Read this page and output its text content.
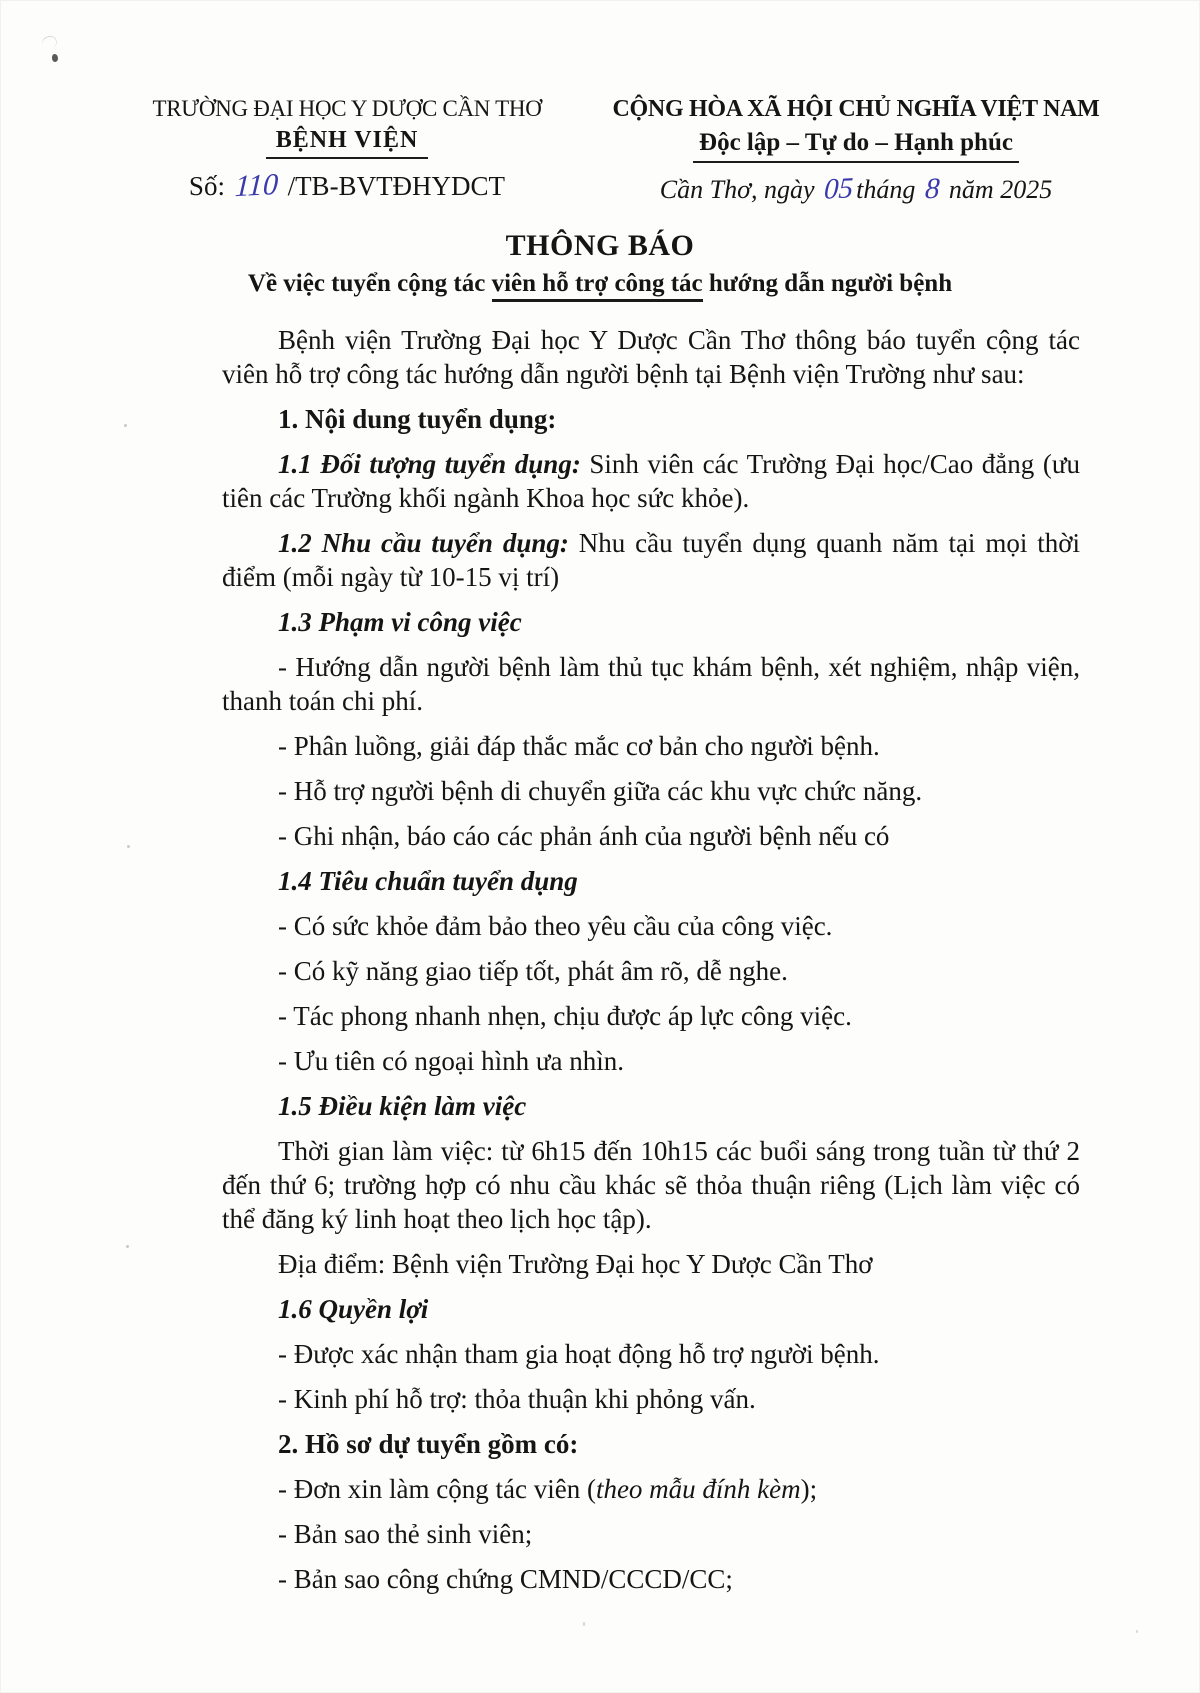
TRƯỜNG ĐẠI HỌC Y DƯỢC CẦN THƠ
BỆNH VIỆN
Số: 110 /TB-BVTĐHYDCT
CỘNG HÒA XÃ HỘI CHỦ NGHĨA VIỆT NAM
Độc lập – Tự do – Hạnh phúc
Cần Thơ, ngày 05tháng 8 năm 2025
THÔNG BÁO
Về việc tuyển cộng tác viên hỗ trợ công tác hướng dẫn người bệnh

Bệnh viện Trường Đại học Y Dược Cần Thơ thông báo tuyển cộng tác viên hỗ trợ công tác hướng dẫn người bệnh tại Bệnh viện Trường như sau:

1. Nội dung tuyển dụng:

1.1 Đối tượng tuyển dụng: Sinh viên các Trường Đại học/Cao đẳng (ưu tiên các Trường khối ngành Khoa học sức khỏe).

1.2 Nhu cầu tuyển dụng: Nhu cầu tuyển dụng quanh năm tại mọi thời điểm (mỗi ngày từ 10-15 vị trí)

1.3 Phạm vi công việc

- Hướng dẫn người bệnh làm thủ tục khám bệnh, xét nghiệm, nhập viện, thanh toán chi phí.

- Phân luồng, giải đáp thắc mắc cơ bản cho người bệnh.

- Hỗ trợ người bệnh di chuyển giữa các khu vực chức năng.

- Ghi nhận, báo cáo các phản ánh của người bệnh nếu có

1.4 Tiêu chuẩn tuyển dụng

- Có sức khỏe đảm bảo theo yêu cầu của công việc.

- Có kỹ năng giao tiếp tốt, phát âm rõ, dễ nghe.

- Tác phong nhanh nhẹn, chịu được áp lực công việc.

- Ưu tiên có ngoại hình ưa nhìn.

1.5 Điều kiện làm việc

Thời gian làm việc: từ 6h15 đến 10h15 các buổi sáng trong tuần từ thứ 2 đến thứ 6; trường hợp có nhu cầu khác sẽ thỏa thuận riêng (Lịch làm việc có thể đăng ký linh hoạt theo lịch học tập).

Địa điểm: Bệnh viện Trường Đại học Y Dược Cần Thơ

1.6 Quyền lợi

- Được xác nhận tham gia hoạt động hỗ trợ người bệnh.

- Kinh phí hỗ trợ: thỏa thuận khi phỏng vấn.

2. Hồ sơ dự tuyển gồm có:

- Đơn xin làm cộng tác viên (theo mẫu đính kèm);

- Bản sao thẻ sinh viên;

- Bản sao công chứng CMND/CCCD/CC;
